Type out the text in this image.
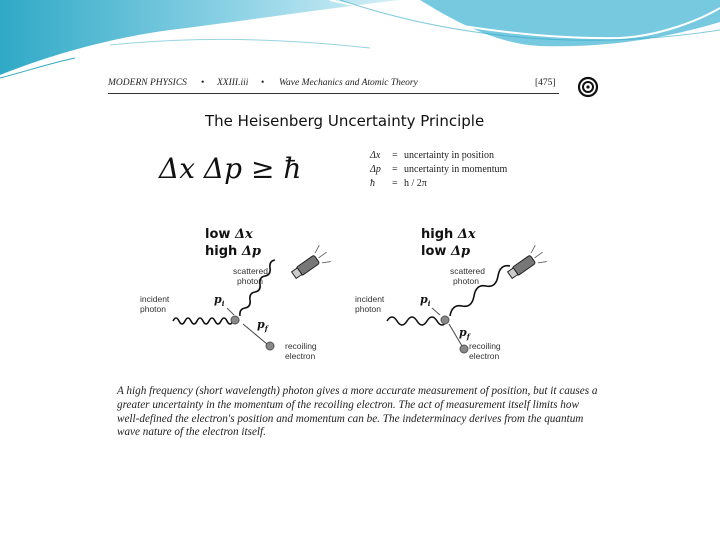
MODERN PHYSICS • XXIII.iii • Wave Mechanics and Atomic Theory	[475]
The Heisenberg Uncertainty Principle
Δx Δp ≥ ħ	Δx = uncertainty in position
Δp = uncertainty in momentum
ħ = h / 2π
low Δx
high Δp
scattered
photon
incident
photon
recoiling
electron
$p_i$
$p_f$
high Δx
low Δp
scattered
photon
incident
photon
recoiling
electron
$p_i$
$p_f$
A high frequency (short wavelength) photon gives a more accurate measurement of position, but it causes a greater uncertainty in the momentum of the recoiling electron. The act of measurement itself limits how well-defined the electron's position and momentum can be. The indeterminacy derives from the quantum wave nature of the electron itself.
